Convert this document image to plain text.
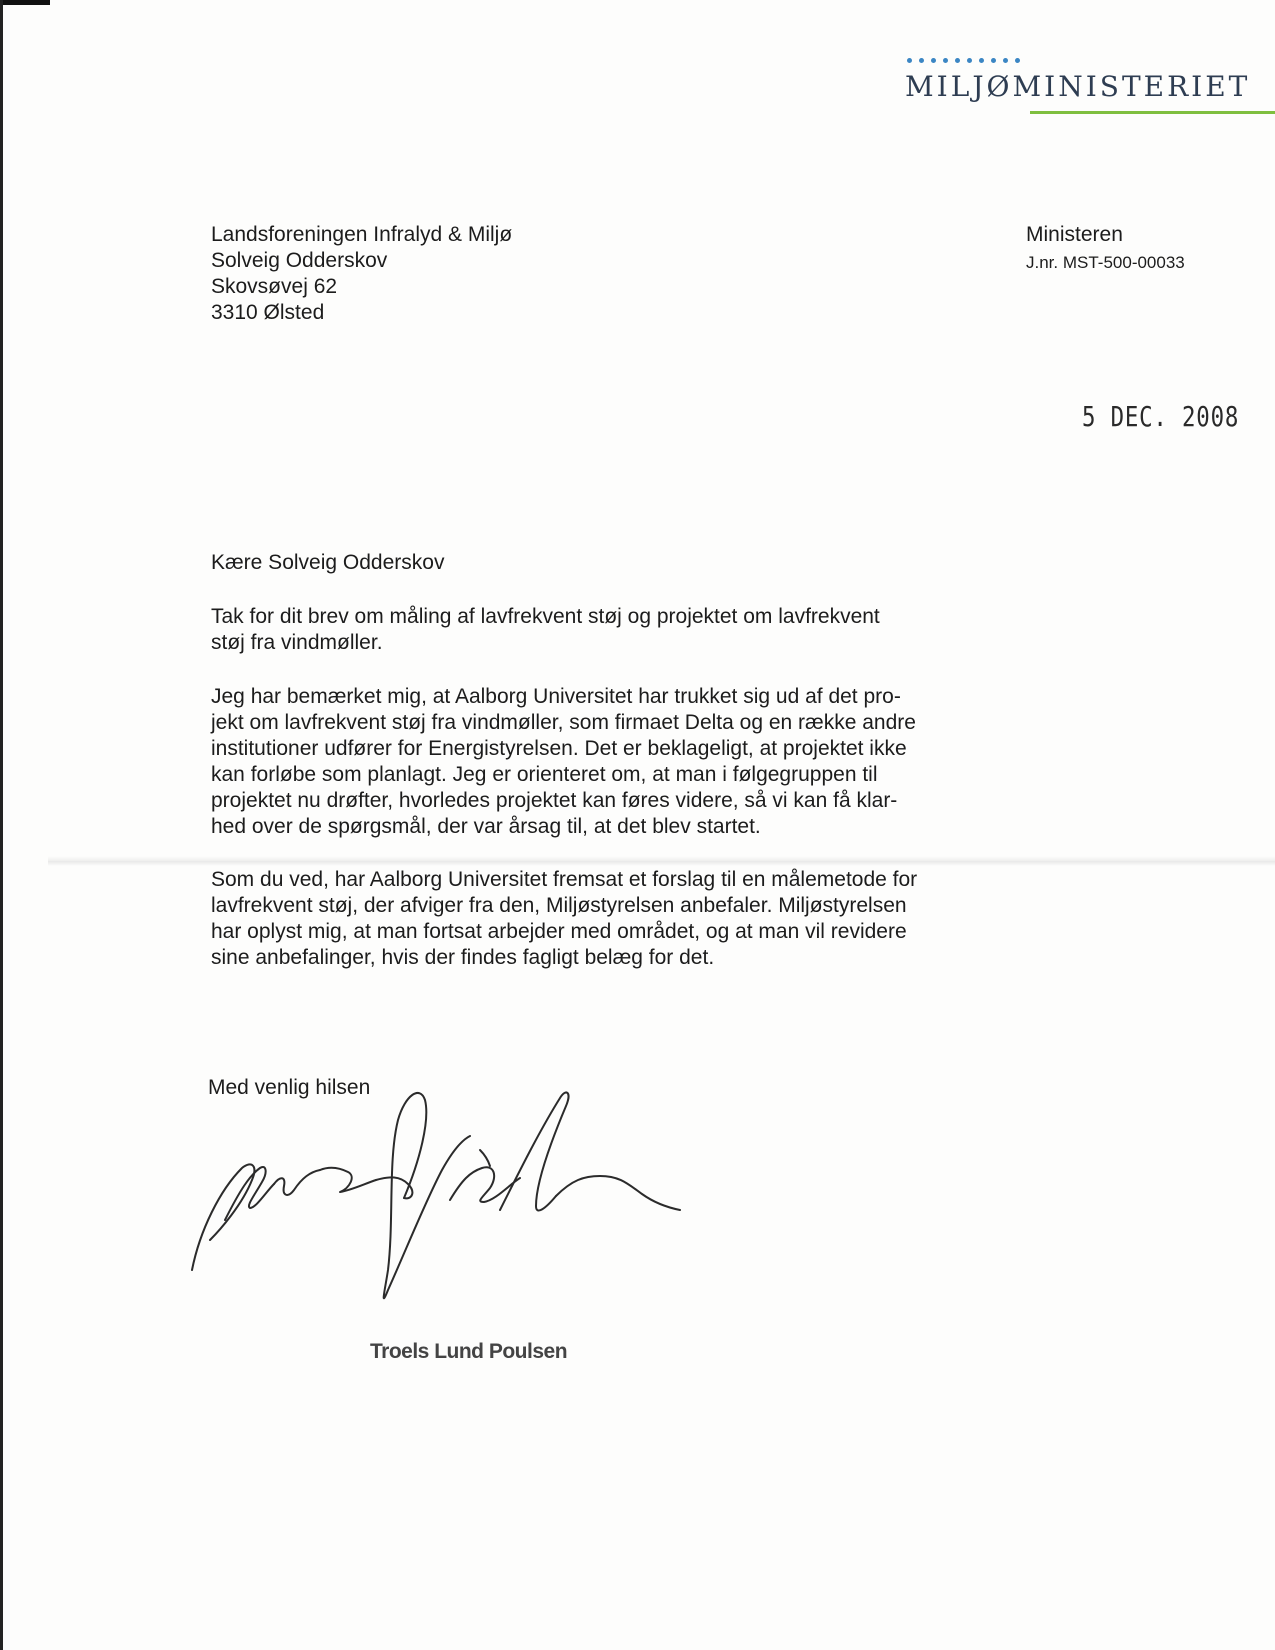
MILJØMINISTERIET
Landsforeningen Infralyd & Miljø
Solveig Odderskov
Skovsøvej 62
3310 Ølsted
Ministeren
J.nr. MST-500-00033
5 DEC. 2008
Kære Solveig Odderskov
Tak for dit brev om måling af lavfrekvent støj og projektet om lavfrekvent
støj fra vindmøller.
Jeg har bemærket mig, at Aalborg Universitet har trukket sig ud af det pro-
jekt om lavfrekvent støj fra vindmøller, som firmaet Delta og en række andre
institutioner udfører for Energistyrelsen. Det er beklageligt, at projektet ikke
kan forløbe som planlagt. Jeg er orienteret om, at man i følgegruppen til
projektet nu drøfter, hvorledes projektet kan føres videre, så vi kan få klar-
hed over de spørgsmål, der var årsag til, at det blev startet.
Som du ved, har Aalborg Universitet fremsat et forslag til en målemetode for
lavfrekvent støj, der afviger fra den, Miljøstyrelsen anbefaler. Miljøstyrelsen
har oplyst mig, at man fortsat arbejder med området, og at man vil revidere
sine anbefalinger, hvis der findes fagligt belæg for det.
Med venlig hilsen
Troels Lund Poulsen
